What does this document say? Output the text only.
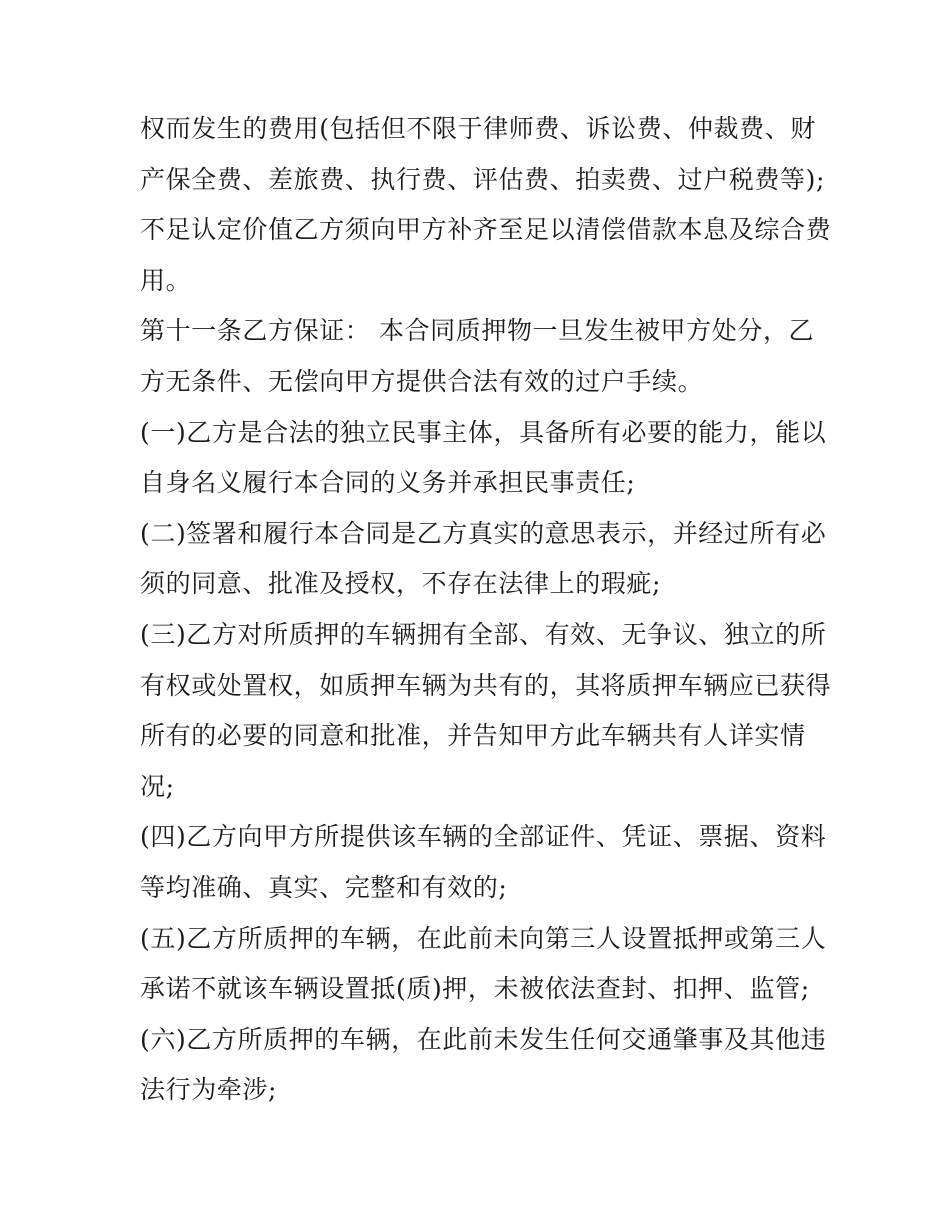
权而发生的费用(包括但不限于律师费、诉讼费、仲裁费、财
产保全费、差旅费、执行费、评估费、拍卖费、过户税费等);
不足认定价值乙方须向甲方补齐至足以清偿借款本息及综合费
用。
第十一条乙方保证： 本合同质押物一旦发生被甲方处分，乙
方无条件、无偿向甲方提供合法有效的过户手续。
(一)乙方是合法的独立民事主体，具备所有必要的能力，能以
自身名义履行本合同的义务并承担民事责任;
(二)签署和履行本合同是乙方真实的意思表示，并经过所有必
须的同意、批准及授权，不存在法律上的瑕疵;
(三)乙方对所质押的车辆拥有全部、有效、无争议、独立的所
有权或处置权，如质押车辆为共有的，其将质押车辆应已获得
所有的必要的同意和批准，并告知甲方此车辆共有人详实情
况;
(四)乙方向甲方所提供该车辆的全部证件、凭证、票据、资料
等均准确、真实、完整和有效的;
(五)乙方所质押的车辆，在此前未向第三人设置抵押或第三人
承诺不就该车辆设置抵(质)押，未被依法查封、扣押、监管;
(六)乙方所质押的车辆，在此前未发生任何交通肇事及其他违
法行为牵涉;
